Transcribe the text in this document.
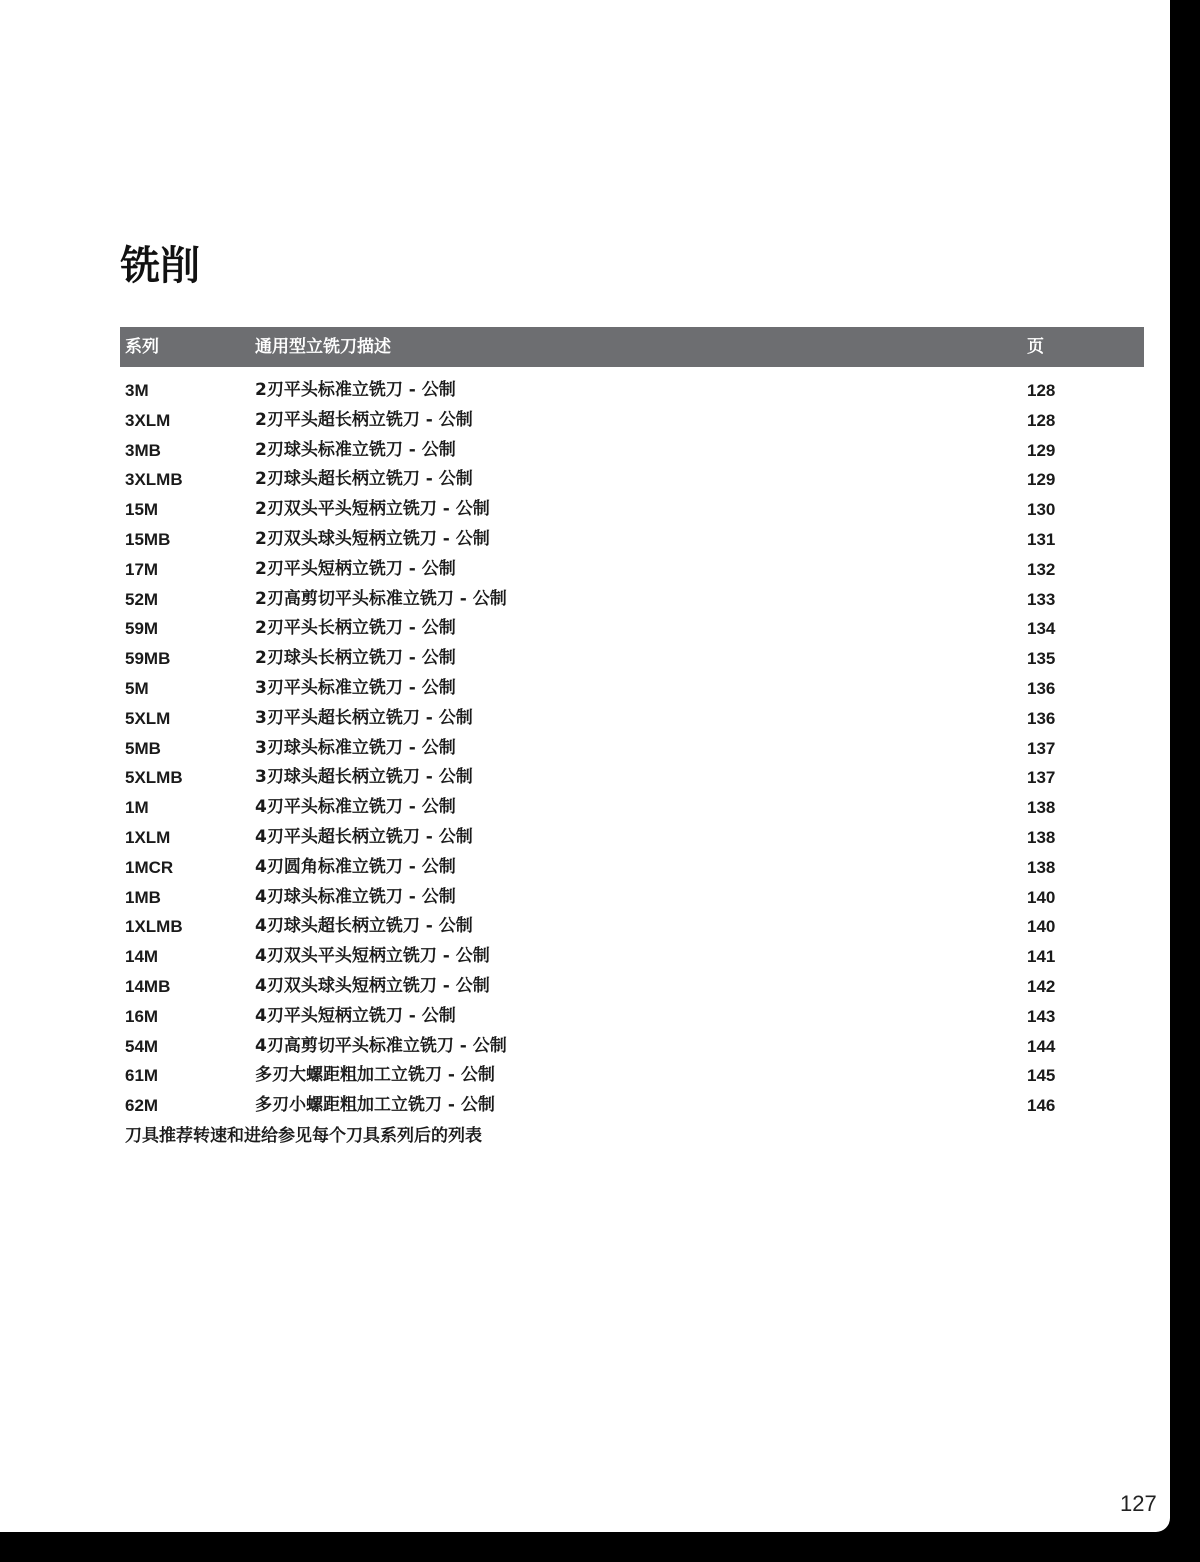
铣削
系列	通用型立铣刀描述	页
3M	2刃平头标准立铣刀 - 公制	128
3XLM	2刃平头超长柄立铣刀 - 公制	128
3MB	2刃球头标准立铣刀 - 公制	129
3XLMB	2刃球头超长柄立铣刀 - 公制	129
15M	2刃双头平头短柄立铣刀 - 公制	130
15MB	2刃双头球头短柄立铣刀 - 公制	131
17M	2刃平头短柄立铣刀 - 公制	132
52M	2刃高剪切平头标准立铣刀 - 公制	133
59M	2刃平头长柄立铣刀 - 公制	134
59MB	2刃球头长柄立铣刀 - 公制	135
5M	3刃平头标准立铣刀 - 公制	136
5XLM	3刃平头超长柄立铣刀 - 公制	136
5MB	3刃球头标准立铣刀 - 公制	137
5XLMB	3刃球头超长柄立铣刀 - 公制	137
1M	4刃平头标准立铣刀 - 公制	138
1XLM	4刃平头超长柄立铣刀 - 公制	138
1MCR	4刃圆角标准立铣刀 - 公制	138
1MB	4刃球头标准立铣刀 - 公制	140
1XLMB	4刃球头超长柄立铣刀 - 公制	140
14M	4刃双头平头短柄立铣刀 - 公制	141
14MB	4刃双头球头短柄立铣刀 - 公制	142
16M	4刃平头短柄立铣刀 - 公制	143
54M	4刃高剪切平头标准立铣刀 - 公制	144
61M	多刃大螺距粗加工立铣刀 - 公制	145
62M	多刃小螺距粗加工立铣刀 - 公制	146
刀具推荐转速和进给参见每个刀具系列后的列表
127
